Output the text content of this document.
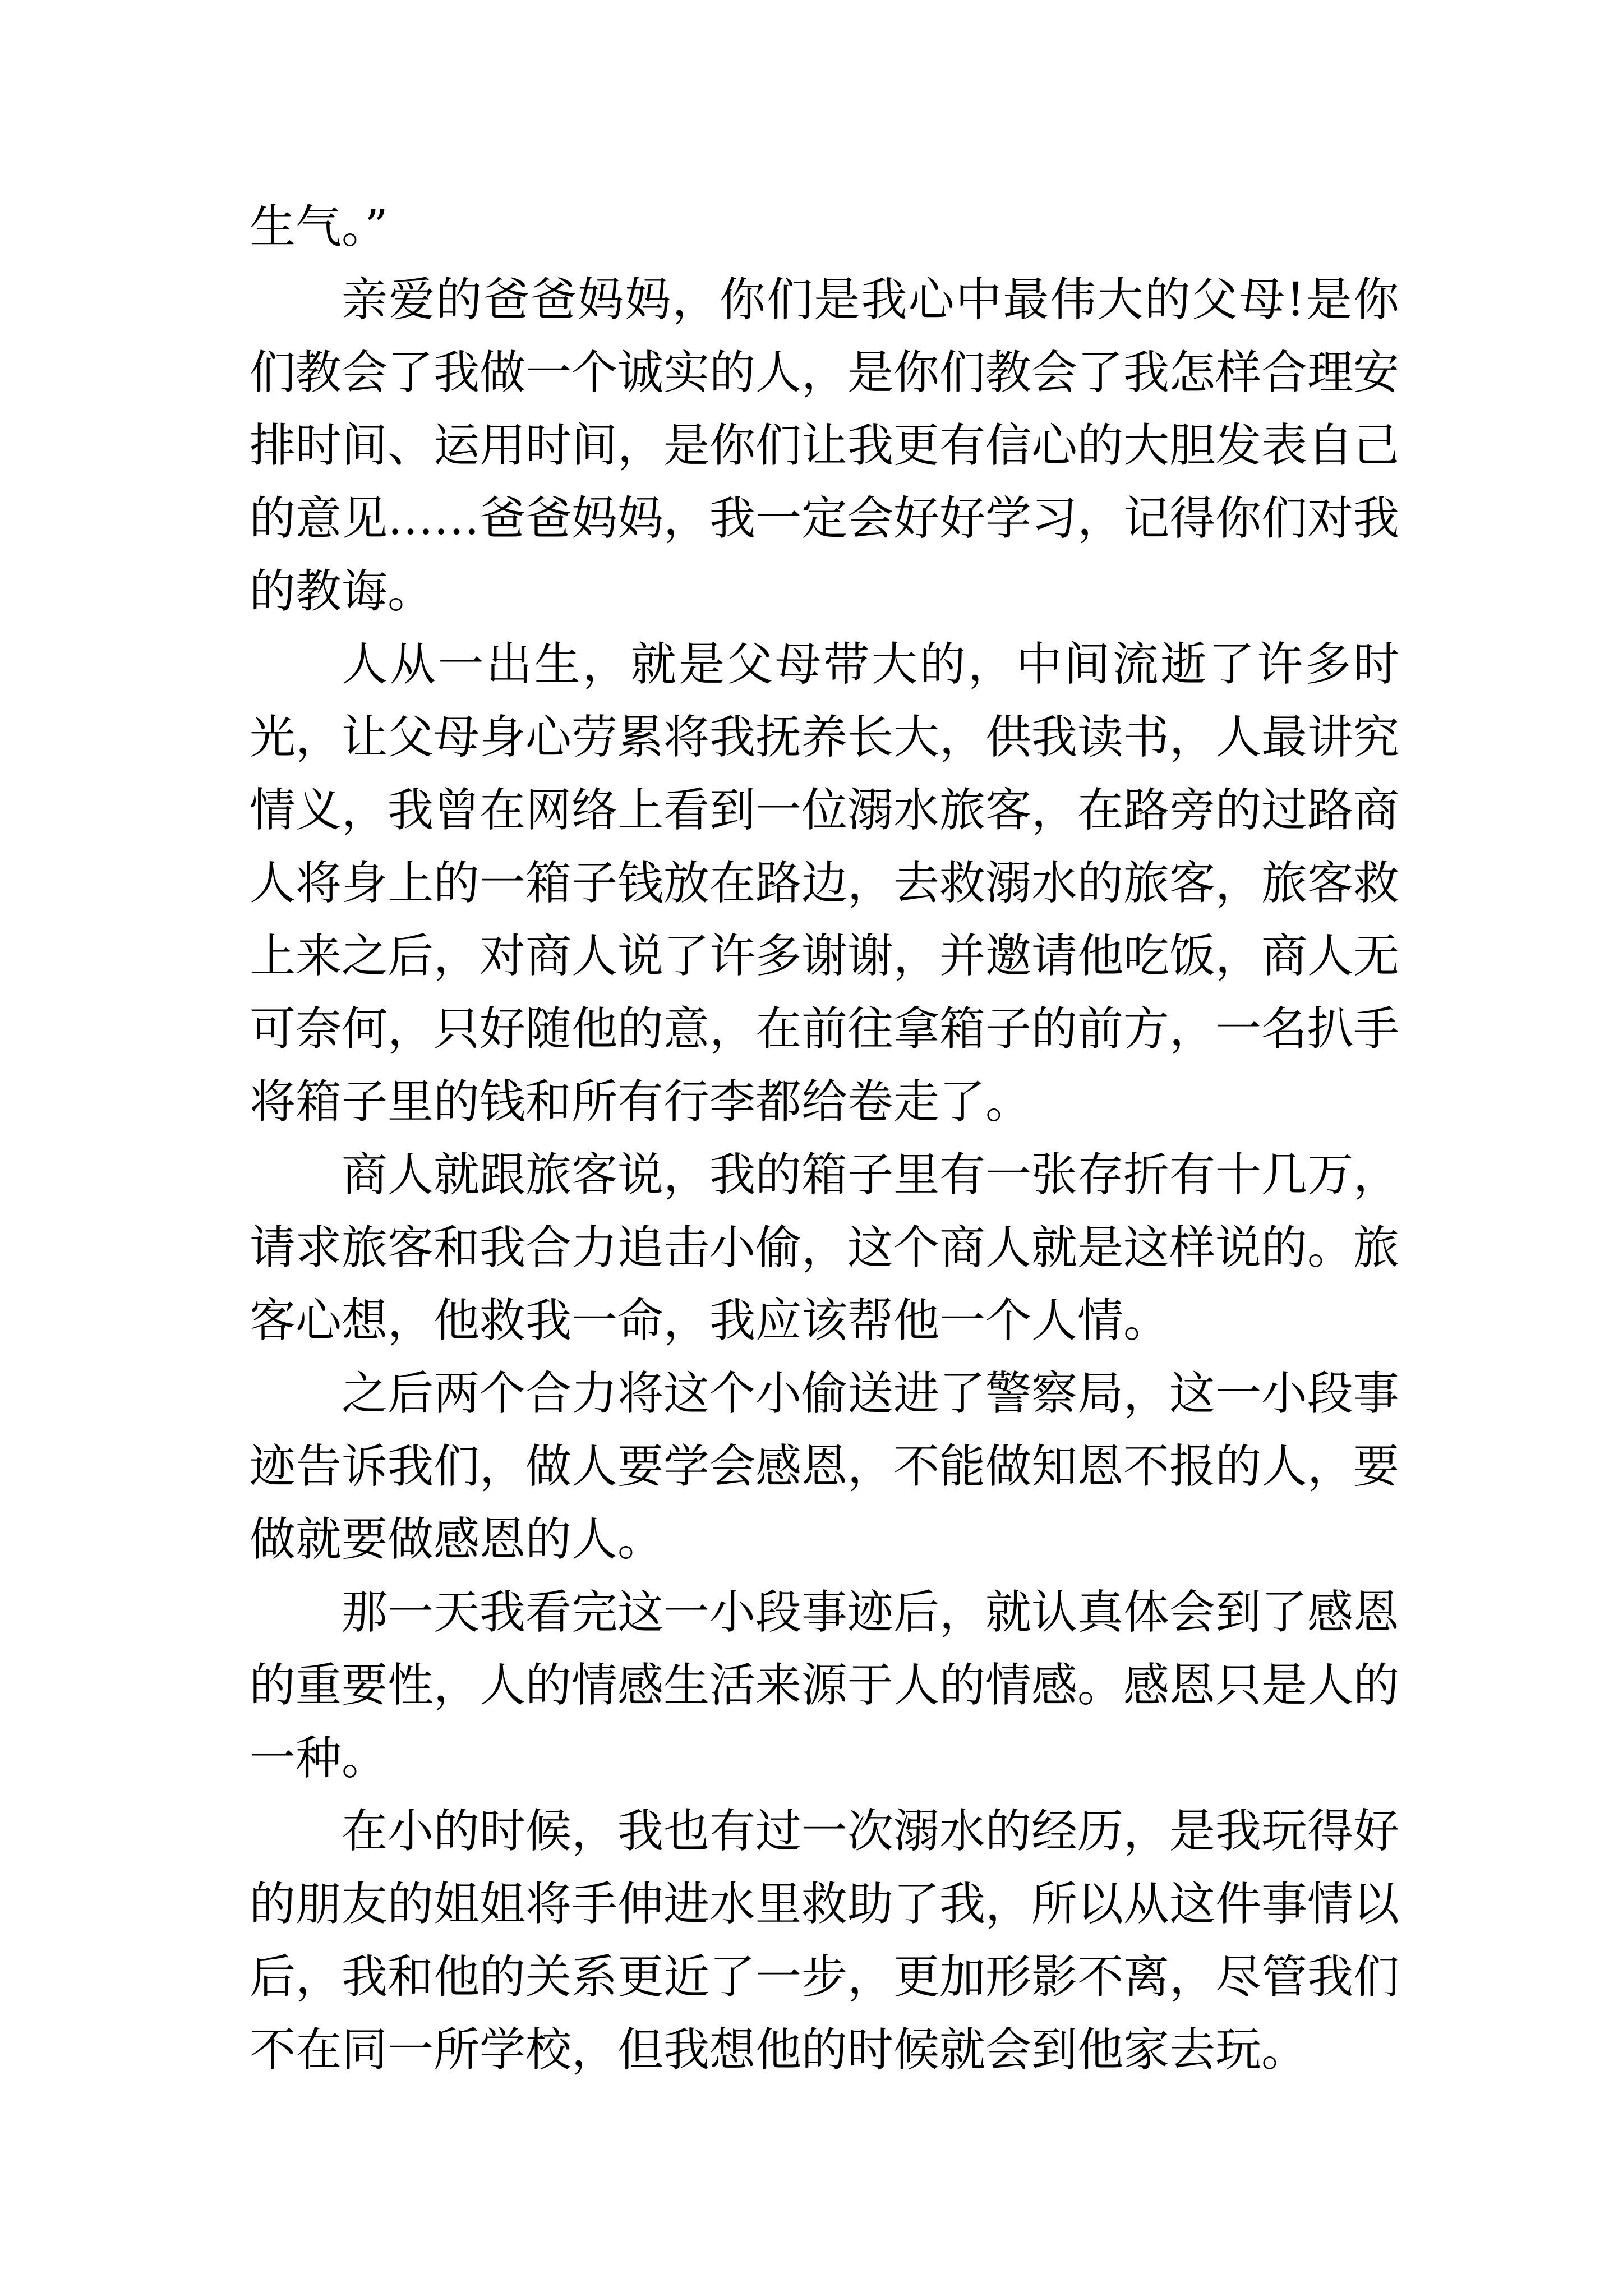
生气。”

亲爱的爸爸妈妈，你们是我心中最伟大的父母!是你们教会了我做一个诚实的人，是你们教会了我怎样合理安排时间、运用时间，是你们让我更有信心的大胆发表自己的意见……爸爸妈妈，我一定会好好学习，记得你们对我的教诲。

人从一出生，就是父母带大的，中间流逝了许多时光，让父母身心劳累将我抚养长大，供我读书，人最讲究情义，我曾在网络上看到一位溺水旅客，在路旁的过路商人将身上的一箱子钱放在路边，去救溺水的旅客，旅客救上来之后，对商人说了许多谢谢，并邀请他吃饭，商人无可奈何，只好随他的意，在前往拿箱子的前方，一名扒手将箱子里的钱和所有行李都给卷走了。

商人就跟旅客说，我的箱子里有一张存折有十几万，请求旅客和我合力追击小偷，这个商人就是这样说的。旅客心想，他救我一命，我应该帮他一个人情。

之后两个合力将这个小偷送进了警察局，这一小段事迹告诉我们，做人要学会感恩，不能做知恩不报的人，要做就要做感恩的人。

那一天我看完这一小段事迹后，就认真体会到了感恩的重要性，人的情感生活来源于人的情感。感恩只是人的一种。

在小的时候，我也有过一次溺水的经历，是我玩得好的朋友的姐姐将手伸进水里救助了我，所以从这件事情以后，我和他的关系更近了一步，更加形影不离，尽管我们不在同一所学校，但我想他的时候就会到他家去玩。
